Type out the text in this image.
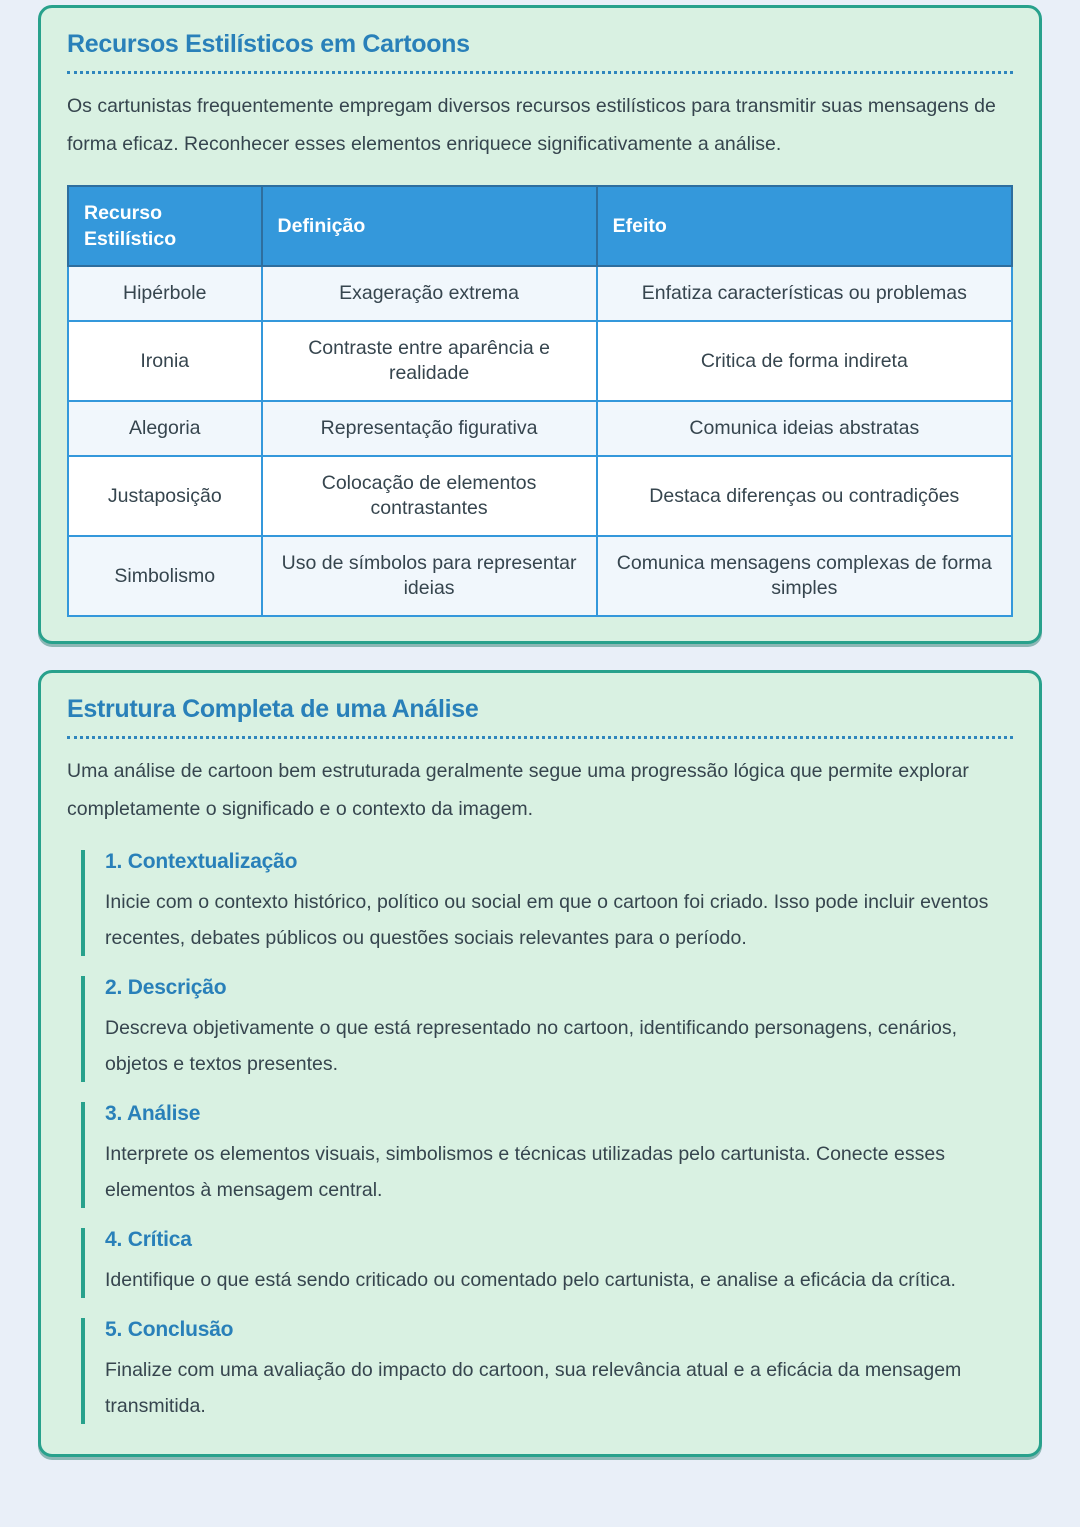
Recursos Estilísticos em Cartoons

Os cartunistas frequentemente empregam diversos recursos estilísticos para transmitir suas mensagens de forma eficaz. Reconhecer esses elementos enriquece significativamente a análise.

Recurso Estilístico	Definição	Efeito
Hipérbole	Exageração extrema	Enfatiza características ou problemas
Ironia	Contraste entre aparência e realidade	Critica de forma indireta
Alegoria	Representação figurativa	Comunica ideias abstratas
Justaposição	Colocação de elementos contrastantes	Destaca diferenças ou contradições
Simbolismo	Uso de símbolos para representar ideias	Comunica mensagens complexas de forma simples
Estrutura Completa de uma Análise

Uma análise de cartoon bem estruturada geralmente segue uma progressão lógica que permite explorar completamente o significado e o contexto da imagem.

1. Contextualização

Inicie com o contexto histórico, político ou social em que o cartoon foi criado. Isso pode incluir eventos recentes, debates públicos ou questões sociais relevantes para o período.

2. Descrição

Descreva objetivamente o que está representado no cartoon, identificando personagens, cenários, objetos e textos presentes.

3. Análise

Interprete os elementos visuais, simbolismos e técnicas utilizadas pelo cartunista. Conecte esses elementos à mensagem central.

4. Crítica

Identifique o que está sendo criticado ou comentado pelo cartunista, e analise a eficácia da crítica.

5. Conclusão

Finalize com uma avaliação do impacto do cartoon, sua relevância atual e a eficácia da mensagem transmitida.
